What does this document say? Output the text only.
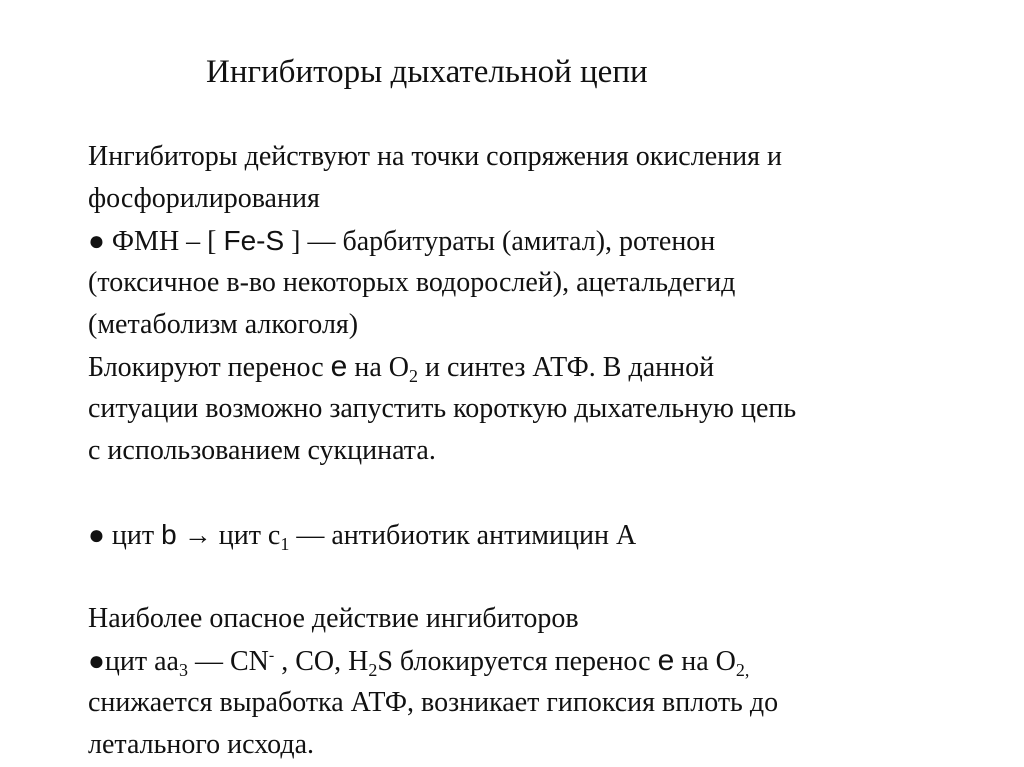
Ингибиторы дыхательной цепи
Ингибиторы действуют на точки сопряжения окисления и
фосфорилирования
● ФМН – [ Fe-S ] — барбитураты (амитал), ротенон
(токсичное в-во некоторых водорослей), ацетальдегид
(метаболизм алкоголя)
Блокируют перенос е на $О_2$ и синтез АТФ. В данной
ситуации возможно запустить короткую дыхательную цепь
с использованием сукцината.
● цит b → цит $с_1$ — антибиотик антимицин А
Наиболее опасное действие ингибиторов
●цит $аа_3$ — CN- , CO, $H_2S$ блокируется перенос е на $О_{2,}$
снижается выработка АТФ, возникает гипоксия вплоть до
летального исхода.
